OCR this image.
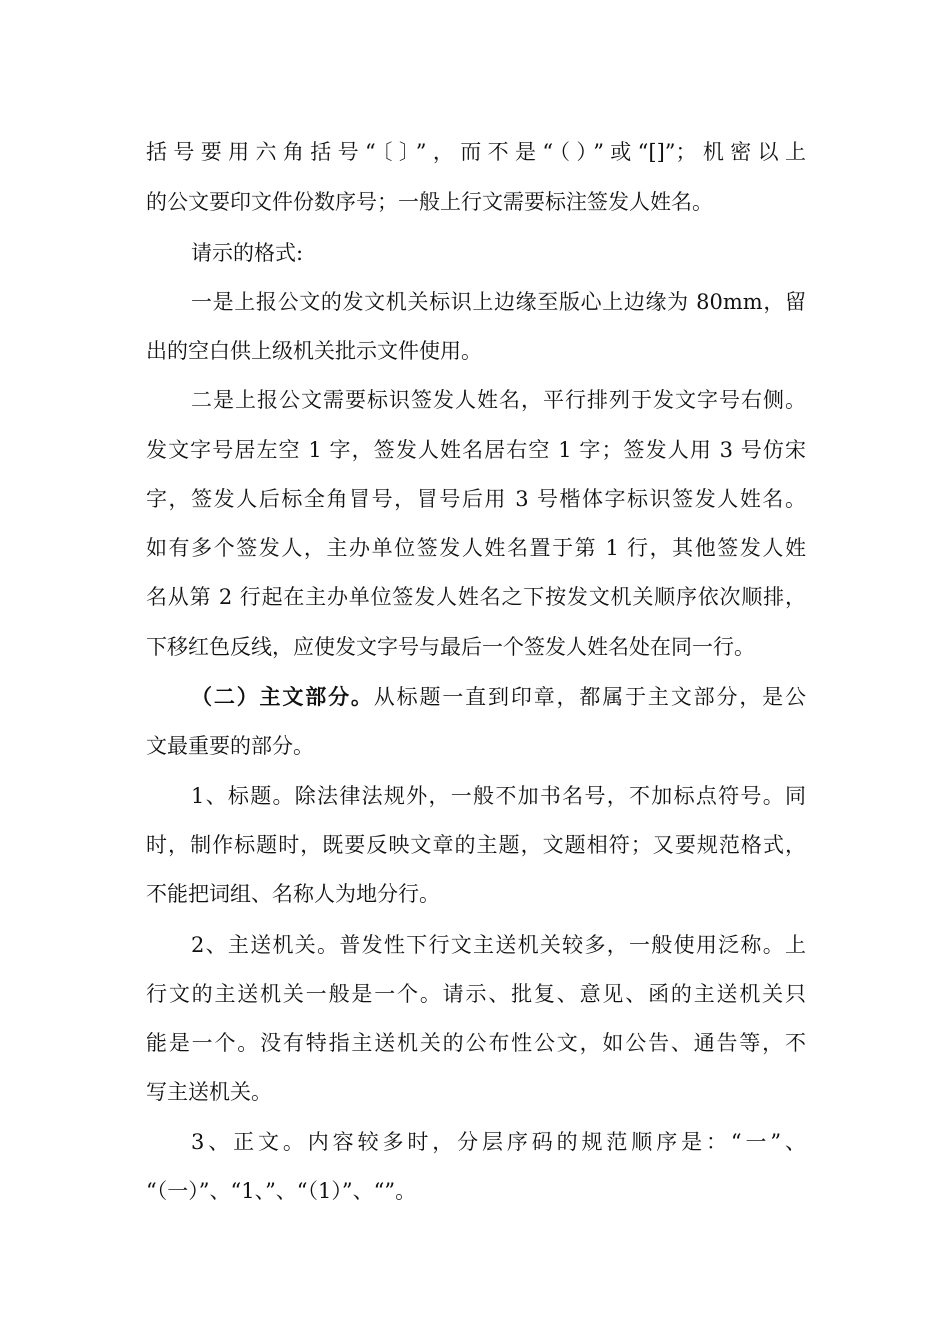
括号要用六角括号“〔〕”，而不是“（）”或“[]”；机密以上
的公文要印文件份数序号；一般上行文需要标注签发人姓名。
请示的格式:
一是上报公文的发文机关标识上边缘至版心上边缘为 80mm，留
出的空白供上级机关批示文件使用。
二是上报公文需要标识签发人姓名，平行排列于发文字号右侧。
发文字号居左空 1 字，签发人姓名居右空 1 字；签发人用 3 号仿宋
字，签发人后标全角冒号，冒号后用 3 号楷体字标识签发人姓名。
如有多个签发人，主办单位签发人姓名置于第 1 行，其他签发人姓
名从第 2 行起在主办单位签发人姓名之下按发文机关顺序依次顺排，
下移红色反线，应使发文字号与最后一个签发人姓名处在同一行。
（二）主文部分。从标题一直到印章，都属于主文部分，是公
文最重要的部分。
1、标题。除法律法规外，一般不加书名号，不加标点符号。同
时，制作标题时，既要反映文章的主题，文题相符；又要规范格式，
不能把词组、名称人为地分行。
2、主送机关。普发性下行文主送机关较多，一般使用泛称。上
行文的主送机关一般是一个。请示、批复、意见、函的主送机关只
能是一个。没有特指主送机关的公布性公文，如公告、通告等，不
写主送机关。
3、正文。内容较多时，分层序码的规范顺序是：“一”、
“（一）”、“1、”、“（1）”、“”。
